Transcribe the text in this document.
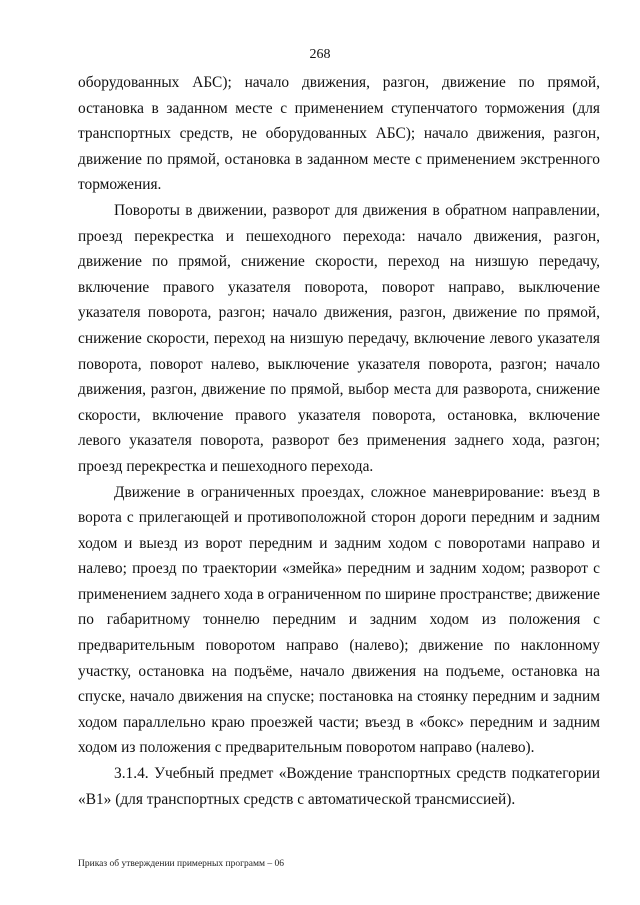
268

оборудованных АБС); начало движения, разгон, движение по прямой, остановка в заданном месте с применением ступенчатого торможения (для транспортных средств, не оборудованных АБС); начало движения, разгон, движение по прямой, остановка в заданном месте с применением экстренного торможения.

Повороты в движении, разворот для движения в обратном направлении, проезд перекрестка и пешеходного перехода: начало движения, разгон, движение по прямой, снижение скорости, переход на низшую передачу, включение правого указателя поворота, поворот направо, выключение указателя поворота, разгон; начало движения, разгон, движение по прямой, снижение скорости, переход на низшую передачу, включение левого указателя поворота, поворот налево, выключение указателя поворота, разгон; начало движения, разгон, движение по прямой, выбор места для разворота, снижение скорости, включение правого указателя поворота, остановка, включение левого указателя поворота, разворот без применения заднего хода, разгон; проезд перекрестка и пешеходного перехода.

Движение в ограниченных проездах, сложное маневрирование: въезд в ворота с прилегающей и противоположной сторон дороги передним и задним ходом и выезд из ворот передним и задним ходом с поворотами направо и налево; проезд по траектории «змейка» передним и задним ходом; разворот с применением заднего хода в ограниченном по ширине пространстве; движение по габаритному тоннелю передним и задним ходом из положения с предварительным поворотом направо (налево); движение по наклонному участку, остановка на подъёме, начало движения на подъеме, остановка на спуске, начало движения на спуске; постановка на стоянку передним и задним ходом параллельно краю проезжей части; въезд в «бокс» передним и задним ходом из положения с предварительным поворотом направо (налево).

3.1.4. Учебный предмет «Вождение транспортных средств подкатегории «B1» (для транспортных средств с автоматической трансмиссией).

Приказ об утверждении примерных программ – 06
